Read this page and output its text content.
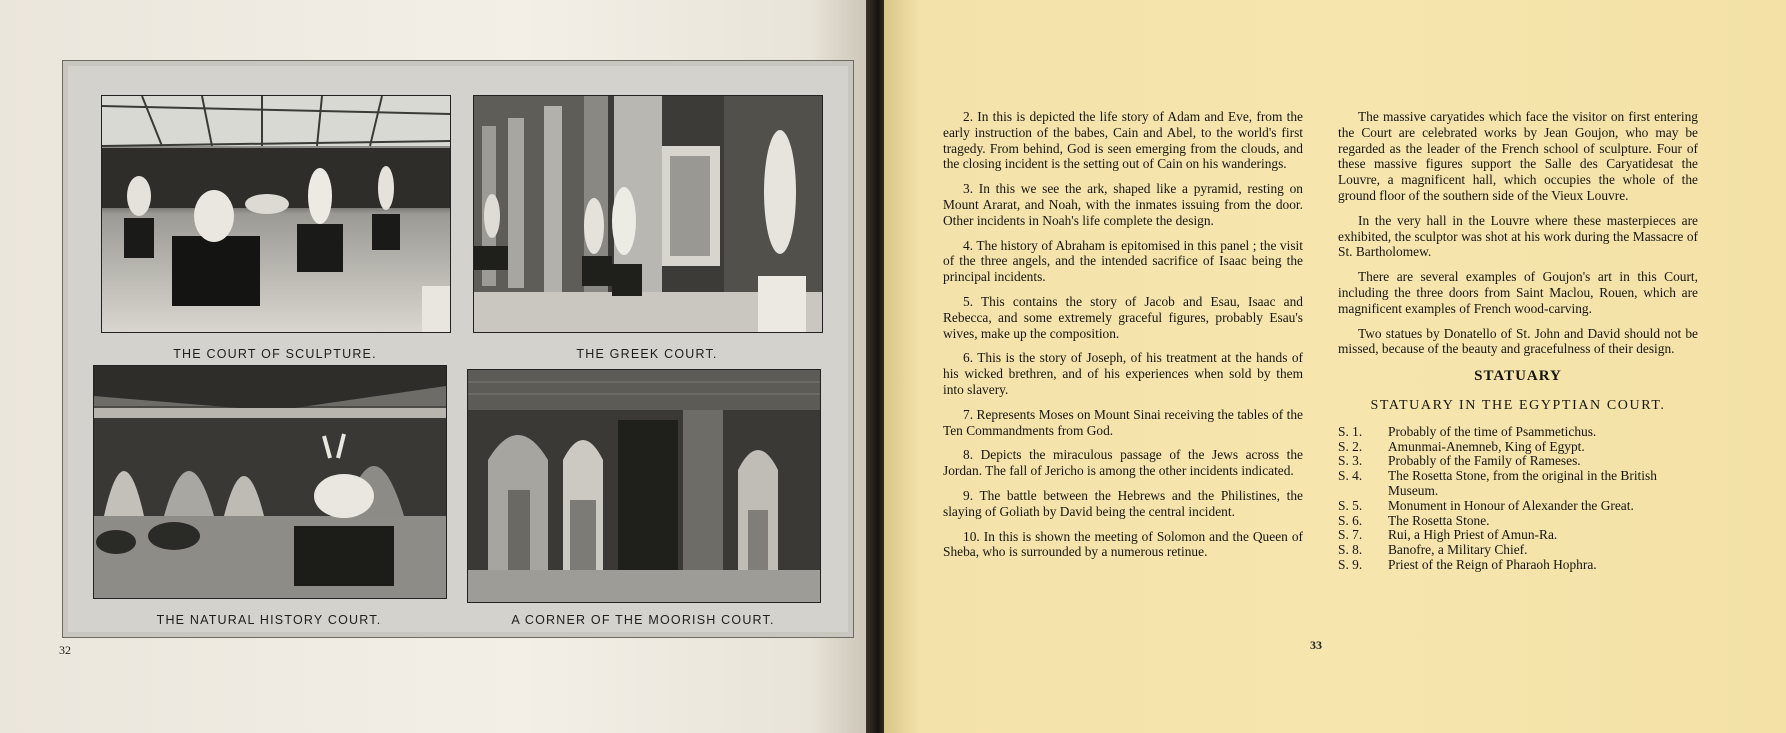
THE COURT OF SCULPTURE.	THE GREEK COURT.
THE NATURAL HISTORY COURT.	A CORNER OF THE MOORISH COURT.
32	33

2. In this is depicted the life story of Adam and Eve, from the early instruction of the babes, Cain and Abel, to the world's first tragedy. From behind, God is seen emerging from the clouds, and the closing incident is the setting out of Cain on his wanderings.

3. In this we see the ark, shaped like a pyramid, resting on Mount Ararat, and Noah, with the inmates issuing from the door. Other incidents in Noah's life complete the design.

4. The history of Abraham is epitomised in this panel ; the visit of the three angels, and the intended sacrifice of Isaac being the principal incidents.

5. This contains the story of Jacob and Esau, Isaac and Rebecca, and some extremely graceful figures, probably Esau's wives, make up the composition.

6. This is the story of Joseph, of his treatment at the hands of his wicked brethren, and of his experiences when sold by them into slavery.

7. Represents Moses on Mount Sinai receiving the tables of the Ten Commandments from God.

8. Depicts the miraculous passage of the Jews across the Jordan. The fall of Jericho is among the other incidents indicated.

9. The battle between the Hebrews and the Philistines, the slaying of Goliath by David being the central incident.

10. In this is shown the meeting of Solomon and the Queen of Sheba, who is surrounded by a numerous retinue.

The massive caryatides which face the visitor on first entering the Court are celebrated works by Jean Goujon, who may be regarded as the leader of the French school of sculpture. Four of these massive figures support the Salle des Caryatidesat the Louvre, a magnificent hall, which occupies the whole of the ground floor of the southern side of the Vieux Louvre.

In the very hall in the Louvre where these masterpieces are exhibited, the sculptor was shot at his work during the Massacre of St. Bartholomew.

There are several examples of Goujon's art in this Court, including the three doors from Saint Maclou, Rouen, which are magnificent examples of French wood-carving.

Two statues by Donatello of St. John and David should not be missed, because of the beauty and gracefulness of their design.

STATUARY
STATUARY IN THE EGYPTIAN COURT.
S. 1.	Probably of the time of Psammetichus.
S. 2.	Amunmai-Anemneb, King of Egypt.
S. 3.	Probably of the Family of Rameses.
S. 4.	The Rosetta Stone, from the original in the British Museum.
S. 5.	Monument in Honour of Alexander the Great.
S. 6.	The Rosetta Stone.
S. 7.	Rui, a High Priest of Amun-Ra.
S. 8.	Banofre, a Military Chief.
S. 9.	Priest of the Reign of Pharaoh Hophra.
